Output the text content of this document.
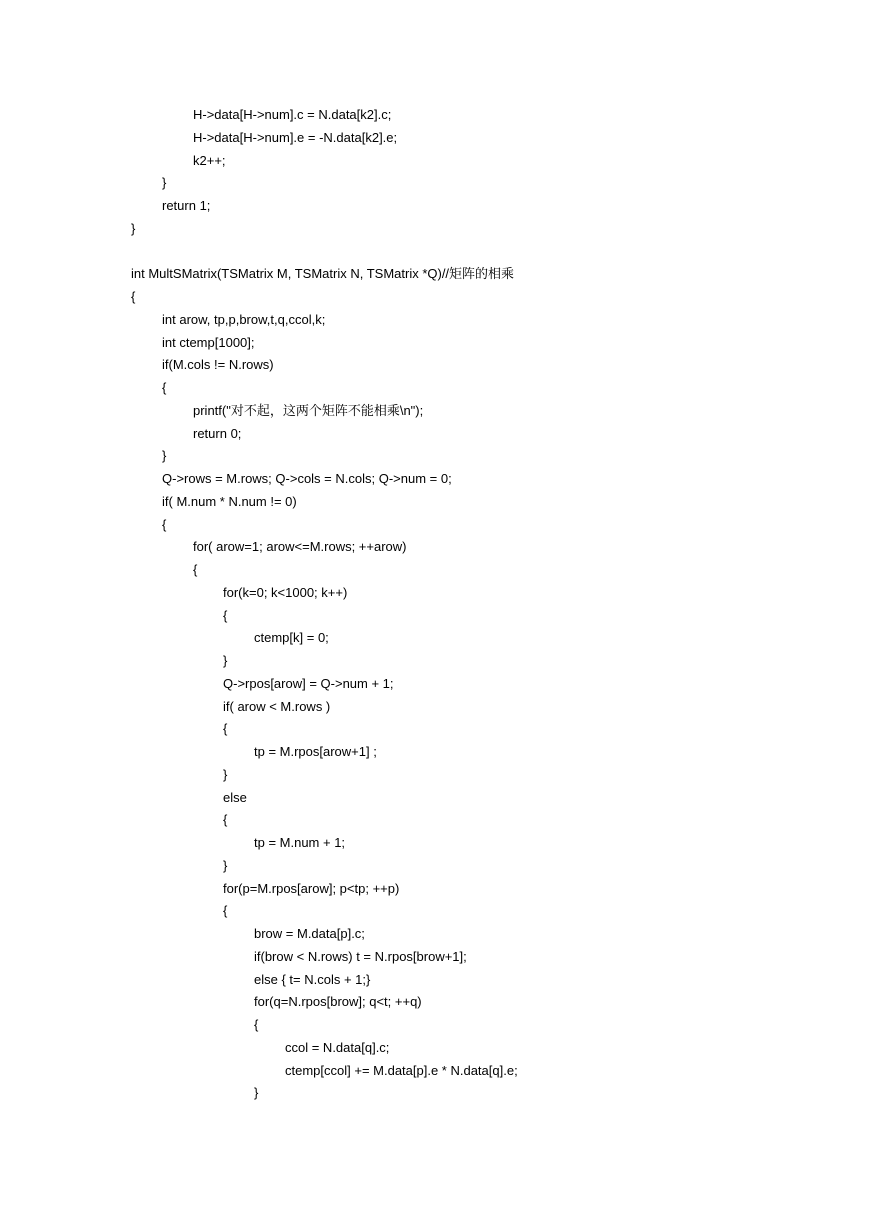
H->data[H->num].c = N.data[k2].c;
H->data[H->num].e = -N.data[k2].e;
k2++;
}
return 1;
}
int MultSMatrix(TSMatrix M, TSMatrix N, TSMatrix *Q)//矩阵的相乘
{
int arow, tp,p,brow,t,q,ccol,k;
int ctemp[1000];
if(M.cols != N.rows)
{
printf("对不起，这两个矩阵不能相乘\n");
return 0;
}
Q->rows = M.rows; Q->cols = N.cols; Q->num = 0;
if( M.num * N.num != 0)
{
for( arow=1; arow<=M.rows; ++arow)
{
for(k=0; k<1000; k++)
{
ctemp[k] = 0;
}
Q->rpos[arow] = Q->num + 1;
if( arow < M.rows )
{
tp = M.rpos[arow+1] ;
}
else
{
tp = M.num + 1;
}
for(p=M.rpos[arow]; p<tp; ++p)
{
brow = M.data[p].c;
if(brow < N.rows) t = N.rpos[brow+1];
else { t= N.cols + 1;}
for(q=N.rpos[brow]; q<t; ++q)
{
ccol = N.data[q].c;
ctemp[ccol] += M.data[p].e * N.data[q].e;
}
